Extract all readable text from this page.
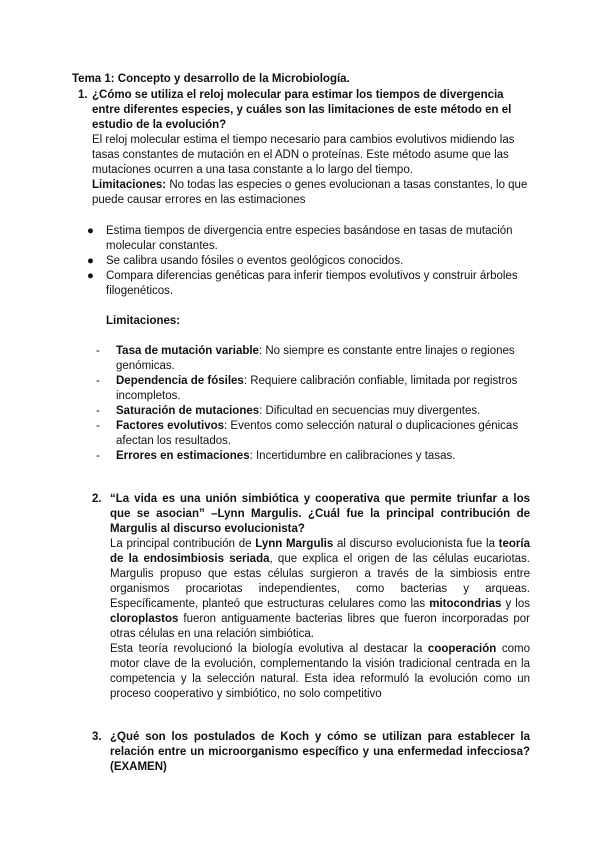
Tema 1: Concepto y desarrollo de la Microbiología.
1. ¿Cómo se utiliza el reloj molecular para estimar los tiempos de divergencia entre diferentes especies, y cuáles son las limitaciones de este método en el estudio de la evolución?
El reloj molecular estima el tiempo necesario para cambios evolutivos midiendo las tasas constantes de mutación en el ADN o proteínas. Este método asume que las mutaciones ocurren a una tasa constante a lo largo del tiempo.
Limitaciones: No todas las especies o genes evolucionan a tasas constantes, lo que puede causar errores en las estimaciones
● Estima tiempos de divergencia entre especies basándose en tasas de mutación molecular constantes.
● Se calibra usando fósiles o eventos geológicos conocidos.
● Compara diferencias genéticas para inferir tiempos evolutivos y construir árboles filogenéticos.
Limitaciones:
- Tasa de mutación variable: No siempre es constante entre linajes o regiones genómicas.
- Dependencia de fósiles: Requiere calibración confiable, limitada por registros incompletos.
- Saturación de mutaciones: Dificultad en secuencias muy divergentes.
- Factores evolutivos: Eventos como selección natural o duplicaciones génicas afectan los resultados.
- Errores en estimaciones: Incertidumbre en calibraciones y tasas.
2. “La vida es una unión simbiótica y cooperativa que permite triunfar a los que se asocian” –Lynn Margulis. ¿Cuál fue la principal contribución de Margulis al discurso evolucionista?
La principal contribución de Lynn Margulis al discurso evolucionista fue la teoría de la endosimbiosis seriada, que explica el origen de las células eucariotas. Margulis propuso que estas células surgieron a través de la simbiosis entre organismos procariotas independientes, como bacterias y arqueas. Específicamente, planteó que estructuras celulares como las mitocondrias y los cloroplastos fueron antiguamente bacterias libres que fueron incorporadas por otras células en una relación simbiótica.
Esta teoría revolucionó la biología evolutiva al destacar la cooperación como motor clave de la evolución, complementando la visión tradicional centrada en la competencia y la selección natural. Esta idea reformuló la evolución como un proceso cooperativo y simbiótico, no solo competitivo
3. ¿Qué son los postulados de Koch y cómo se utilizan para establecer la relación entre un microorganismo específico y una enfermedad infecciosa? (EXAMEN)
